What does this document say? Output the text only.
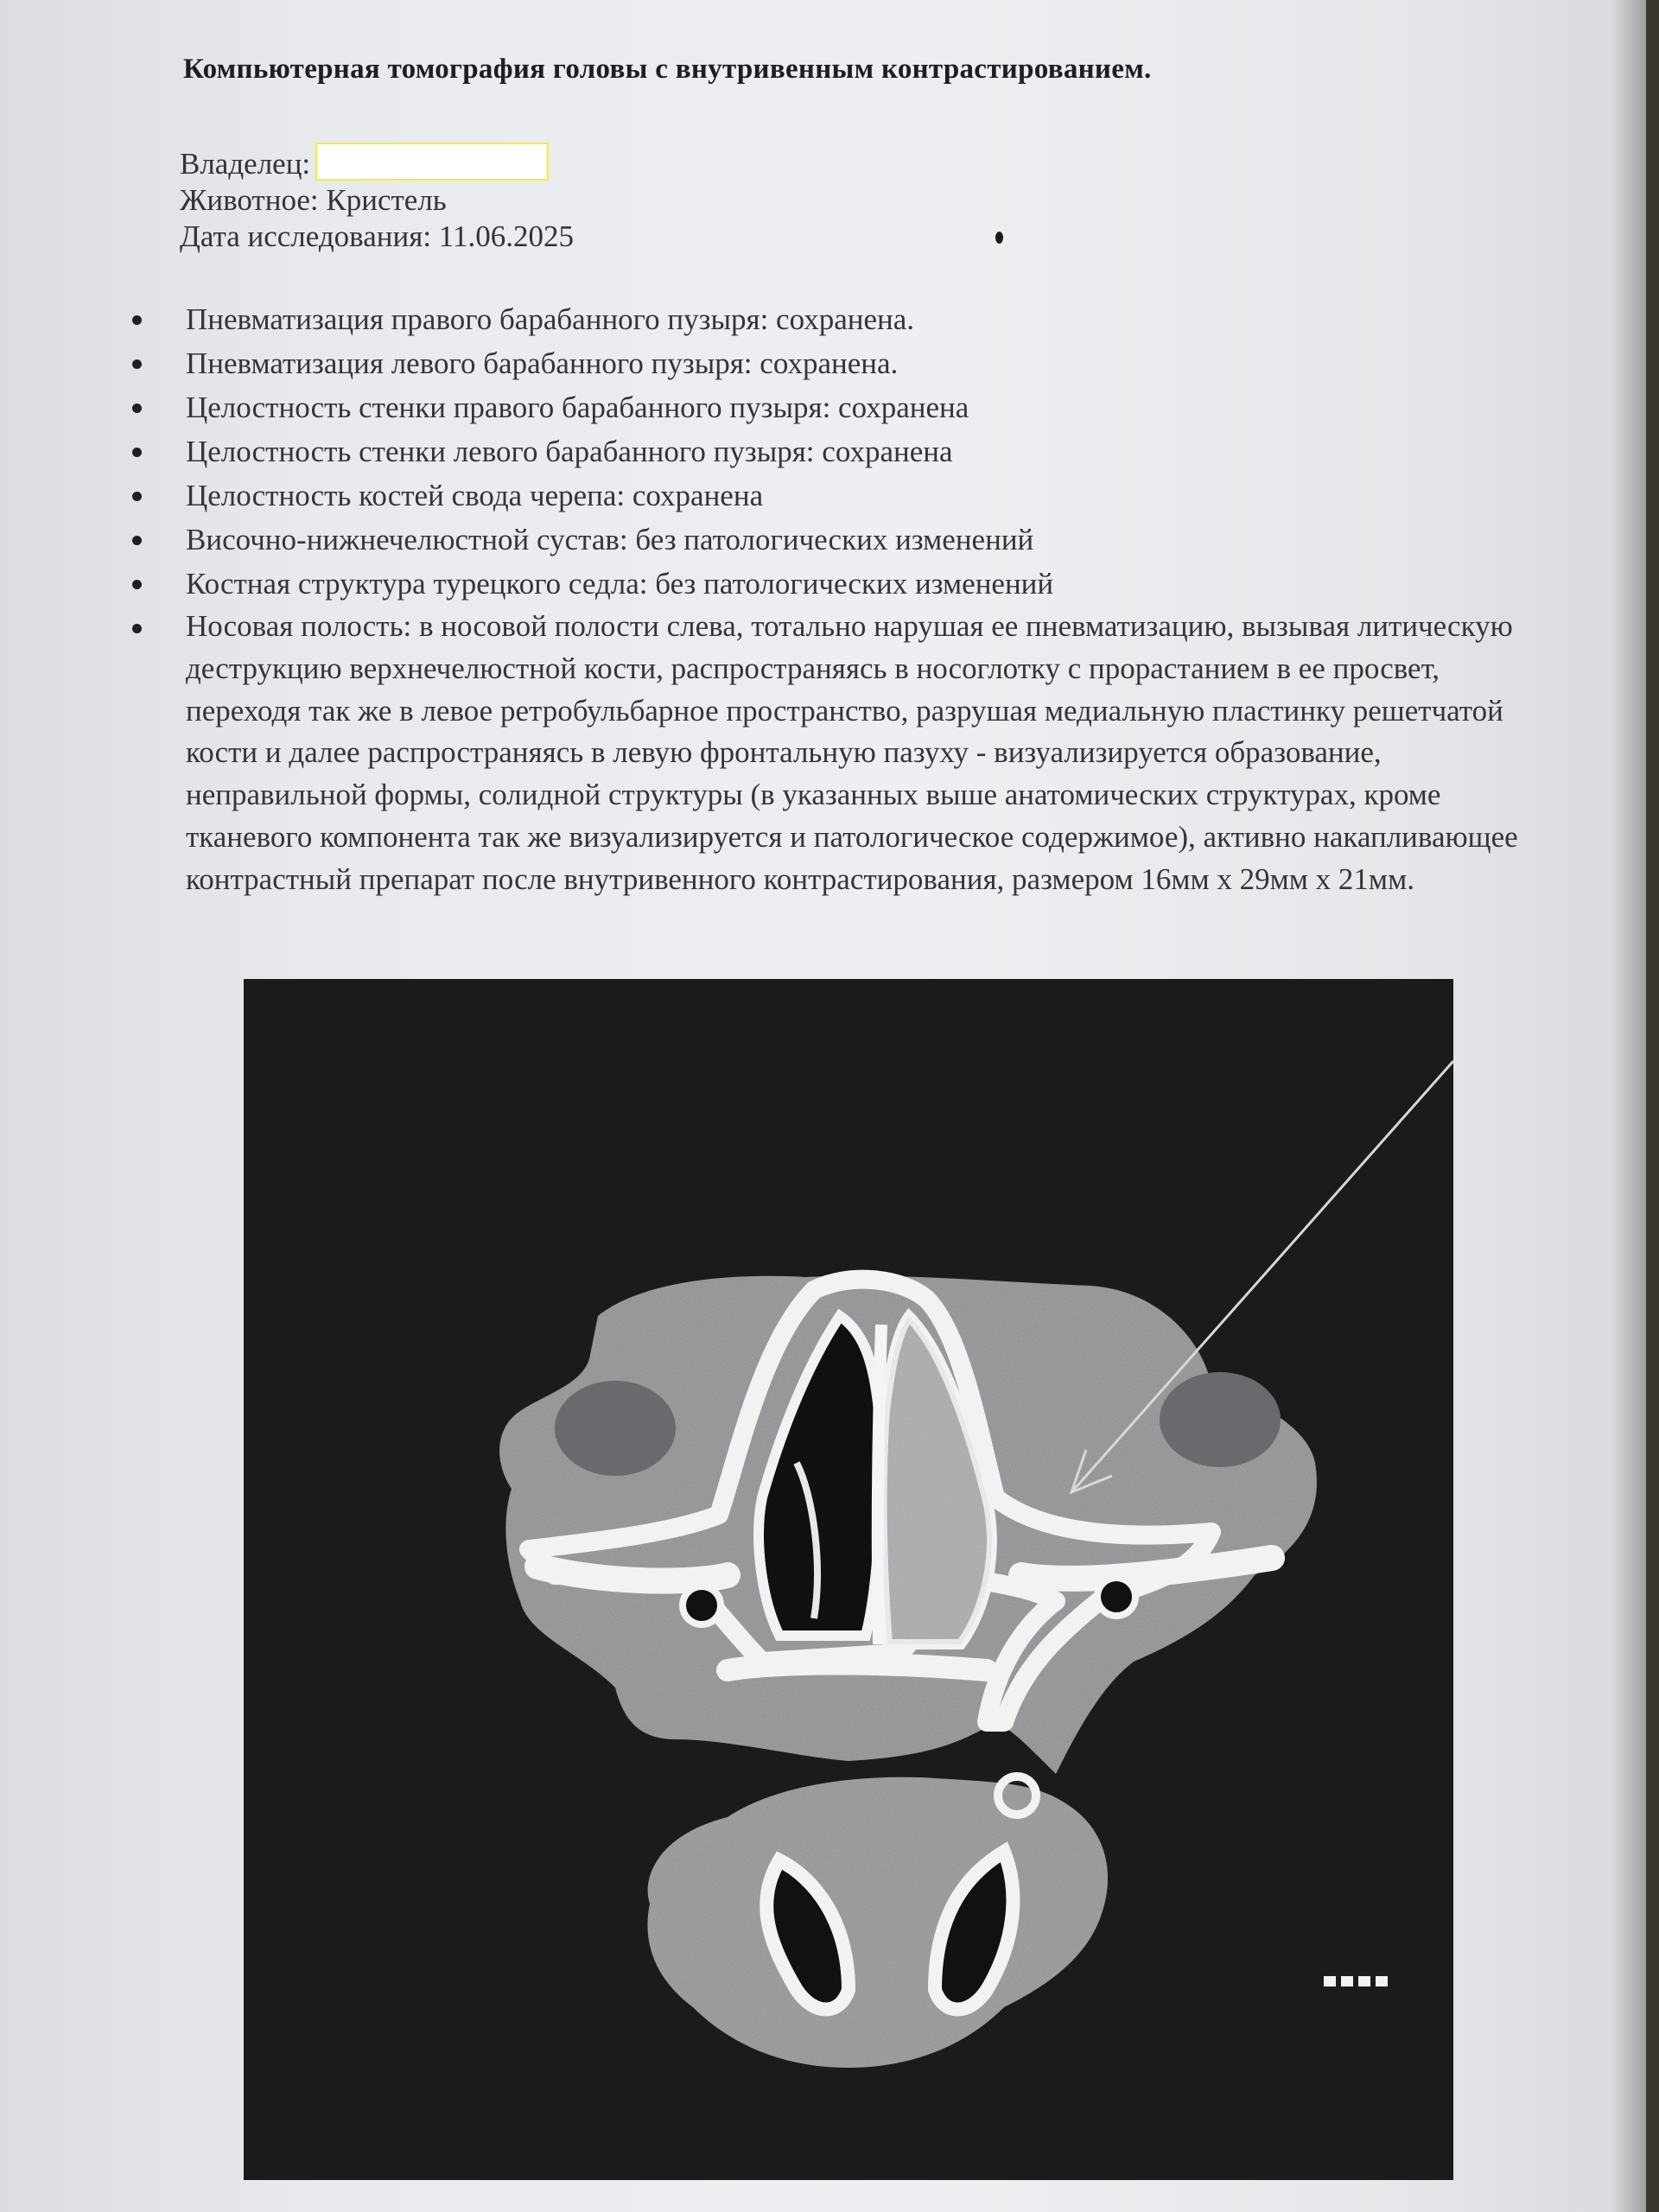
Компьютерная томография головы с внутривенным контрастированием.
Владелец:
Животное: Кристель
Дата исследования: 11.06.2025
Пневматизация правого барабанного пузыря: сохранена.
Пневматизация левого барабанного пузыря: сохранена.
Целостность стенки правого барабанного пузыря: сохранена
Целостность стенки левого барабанного пузыря: сохранена
Целостность костей свода черепа: сохранена
Височно-нижнечелюстной сустав: без патологических изменений
Костная структура турецкого седла: без патологических изменений
Носовая полость: в носовой полости слева, тотально нарушая ее пневматизацию, вызывая литическую деструкцию верхнечелюстной кости, распространяясь в носоглотку с прорастанием в ее просвет, переходя так же в левое ретробульбарное пространство, разрушая медиальную пластинку решетчатой кости и далее распространяясь в левую фронтальную пазуху - визуализируется образование, неправильной формы, солидной структуры (в указанных выше анатомических структурах, кроме тканевого компонента так же визуализируется и патологическое содержимое), активно накапливающее контрастный препарат после внутривенного контрастирования, размером 16мм х 29мм х 21мм.
